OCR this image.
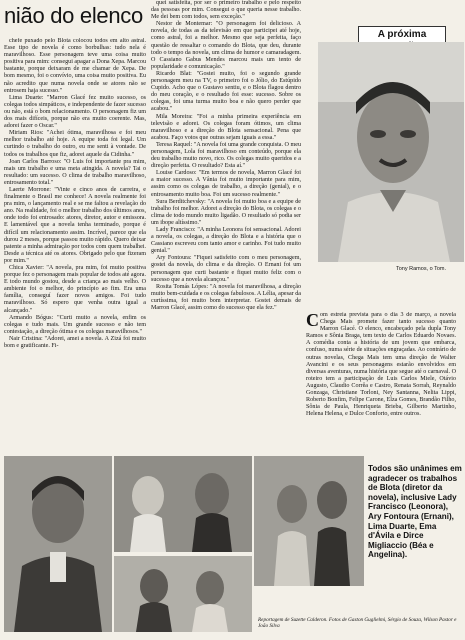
nião do elenco

chefe puxado pelo Blota colocou todos em alto astral. Esse tipo de novela é como borbulhas: tudo nela é maravilhoso. Esse personagem teve uma coisa muito positiva para mim: consegui apagar a Dona Xepa. Marcou bastante, porque deixaram de me chamar de Xepa. De bom mesmo, foi o convívio, uma coisa muito positiva. Eu não acredito que numa novela onde se atores não se entrosem haja sucesso."

Lima Duarte: "Marron Glacé fez muito sucesso, os colegas todos simpáticos, e independente de fazer sucesso ou não, está o bom relacionamento. O personagem fiz um dos mais difíceis, porque não era muito coerente. Mas, adorei fazer o Oscar."

Miriam Rios: "Achei ótima, maravilhosa e foi meu melhor trabalho até hoje. A equipe toda foi legal. Um curtindo o trabalho do outro, eu me senti à vontade. De todos os trabalhos que fiz, adorei aquele da Cidinha."

Joan Carlos Barroso: "O Luis foi importante pra mim, mais um trabalho e uma meta atingida. A novela? Tai o resultado: um sucesso. O clima de trabalho maravilhoso, entrosamento total."

Laerte Morrone: "Vinte e cinco anos de carreira, e finalmente o Brasil me conhece! A novela realmente foi pra mim, o lançamento real e se me faltou a revelação do ano. Na realidade, foi o melhor trabalho dos últimos anos, onde todo foi entrosado: atores, diretor, autor e emissora. E lamentável que a novela tenha terminado, porque é difícil um relacionamento assim. Incrível, parece que ela durou 2 meses, porque passou muito rápido. Quero deixar patente a minha admiração por todos com quem trabalhei. Desde a técnica até os atores. Obrigado pelo que fizeram por mim."

Chica Xavier: "A novela, pra mim, foi muito positiva porque fez o personagem mais popular de todos até agora. E todo mundo gostou, desde a criança ao mais velho. O ambiente foi o melhor, do princípio ao fim. Era uma família, conseguí fazer novos amigos. Foi tudo maravilhoso. Só espero que venha outra igual a alcançado."

Armando Bógus: "Curti muito a novela, enfim os colegas e tudo mais. Um grande sucesso e não tem contestação, a direção ótima e os colegas maravilhosos."

Nair Cristina: "Adorei, amei a novela. A Zizá foi muito bom e gratificante. Fi-

quei satisfeita, por ser o primeiro trabalho e pelo respeito das pessoas por mim. Consegui o que queria nesse trabalho. Me dei bem com todos, sem exceção."

Nestor de Montemar: "O personagem foi delicioso. A novela, de todas as da televisão em que participei até hoje, como astral, foi a melhor. Mesmo que seja perfeita, faço questão de ressaltar o comando do Blota, que deu, durante todo o tempo da novela, um clima de humor e camaradagem. O Cassiano Gabus Mendes marcou mais um tento de popularidade e comunicação."

Ricardo Blat: "Gostei muito, foi o segundo grande personagem meu na TV, o primeiro foi o Jólio, do Estúpido Cupido. Acho que o Gustavo sentiu, e o Blota flagou dentro do meu coração, e o resultado foi esse: sucesso. Sobre os colegas, foi uma turma muito boa e não quero perder que acabou."

Mila Moreira: "Foi a minha primeira experiência em televisão e adorei. Os colegas foram ótimos, um clima maravilhoso e a direção do Blota sensacional. Pena que acabou. Faço votos que outras sejam iguais a essa."

Teresa Raquel: "A novela foi uma grande conquista. O meu personagem, Lola foi maravilhoso em conteúdo, porque ela deu trabalho muito novo, rico. Os colegas muito queridos e a direção perfeita. O resultado? Esta aí."

Louise Cardoso: "Em termos de novela, Marron Glacé foi a maior sucesso. A Vânia foi muito importante para mim, assim como os colegas de trabalho, a direção (genial), e o entrosamento muito boa. Foi um sucesso realmente."

Sura Berditchevsky: "A novela foi muito boa e a equipe de trabalho foi melhor. Adorei a direção do Blota, os colegas e o clima de todo mundo muito ligadão. O resultado só podia ser um ibope altíssimo."

Lady Francisco: "A minha Leonora foi sensacional. Adorei a novela, os colegas, a direção do Blota e a história que o Cassiano escreveu com tanto amor e carinho. Foi tudo muito genial."

Ary Fontoura: "Fiquei satisfeito com o meu personagem, gostei da novela, do clima e da direção. O Ernani foi um personagem que curti bastante e fiquei muito feliz com o sucesso que a novela alcançou."

Rosita Tomás Lópes: "A novela foi maravilhosa, a direção muito bem-cuidada e os colegas fabulosos. A Lélia, apesar da curtíssima, foi muito bom interpretar. Gostei demais de Marron Glacé, assim como do sucesso que ela fez."

A próxima
Tony Ramos, o Tom.
Com estreia prevista para o dia 3 de março, a novela Chega Mais promete fazer tanto sucesso quanto Marron Glacé. O elenco, encabeçado pela dupla Tony Ramos e Sônia Braga, tem texto de Carlos Eduardo Novaes. A comédia conta a história de um jovem que embarca, confuso, numa série de situações engraçadas. Ao contrário de outras novelas, Chega Mais tem uma direção de Walter Avancini e os seus personagens estarão envolvidos em diversas aventuras, numa história que segue até o carnaval. O roteiro tem a participação de Luis Carlos Miele, Otávio Augusto, Claudio Corrêa e Castro, Renata Sorrah, Reynaldo Gonzaga, Christiane Torloni, Ney Santanna, Nelita Lippi, Roberto Bonfim, Felipe Carone, Elza Gomes, Brandão Filho, Sônia de Paula, Henriqueta Brieba, Gilberto Martinho, Helena Helena, e Dulce Conforto, entre outros.
Todos são unânimes em agradecer os trabalhos de Blota (diretor da novela), inclusive Lady Francisco (Leonora), Ary Fontoura (Ernani), Lima Duarte, Ema d'Ávila e Dirce Migliaccio (Béa e Angelina).
Reportagem de Suzette Calderon. Fotos de Gaston Guglielmi, Sérgio de Souza, Wilson Pastor e João Silva
